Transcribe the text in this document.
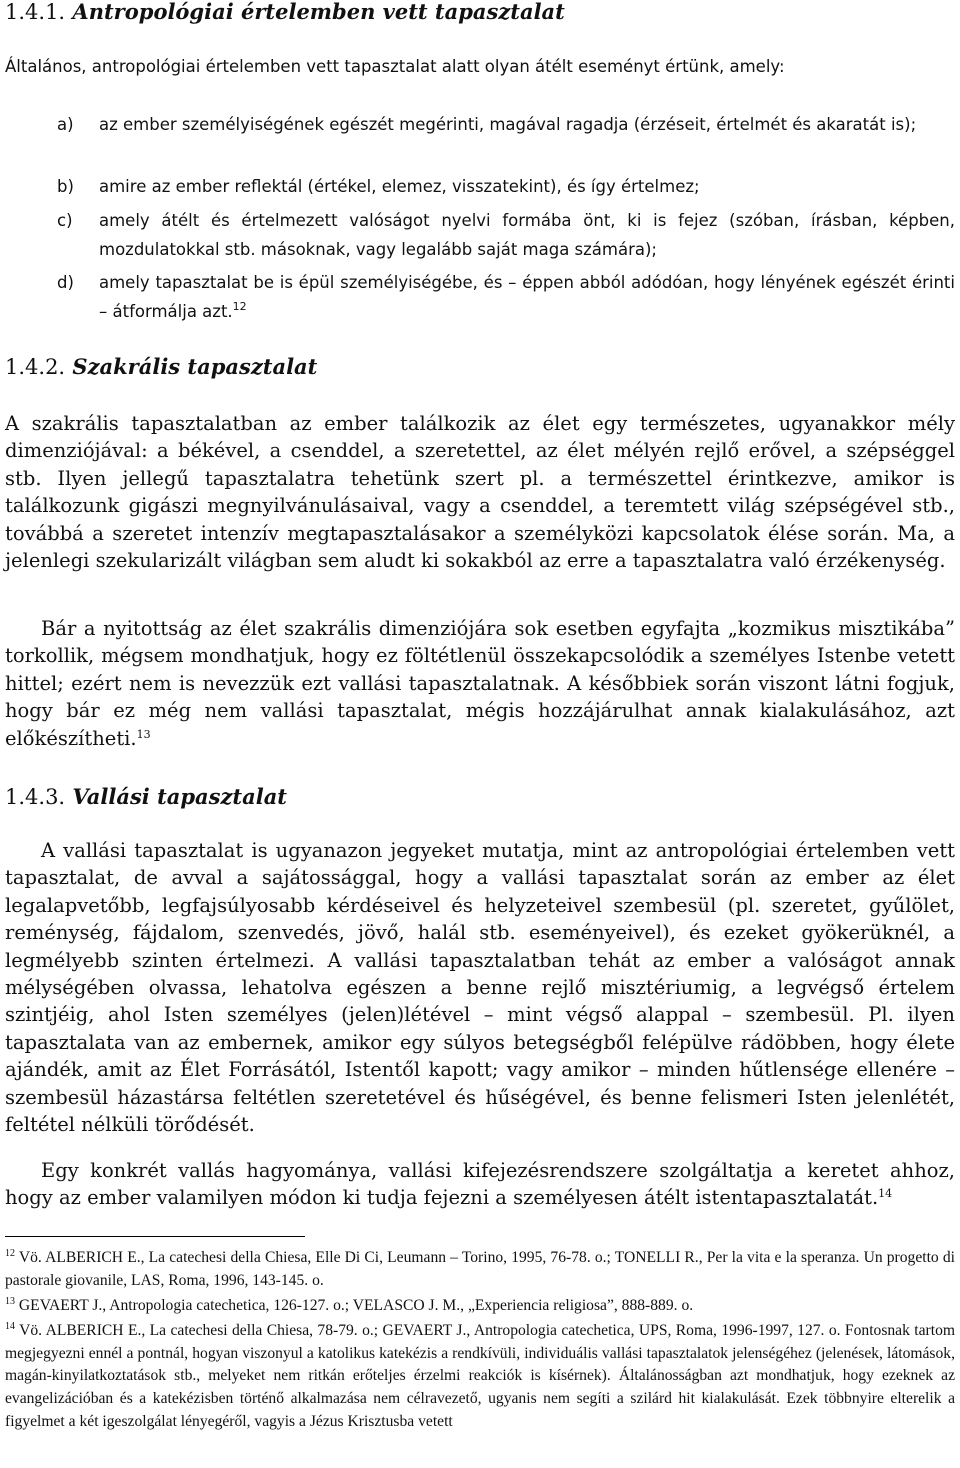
1.4.1. Antropológiai értelemben vett tapasztalat

Általános, antropológiai értelemben vett tapasztalat alatt olyan átélt eseményt értünk, amely:

a) az ember személyiségének egészét megérinti, magával ragadja (érzéseit, értelmét és akaratát is);
b) amire az ember reflektál (értékel, elemez, visszatekint), és így értelmez;
c) amely átélt és értelmezett valóságot nyelvi formába önt, ki is fejez (szóban, írásban, képben, mozdulatokkal stb. másoknak, vagy legalább saját maga számára);
d) amely tapasztalat be is épül személyiségébe, és – éppen abból adódóan, hogy lényének egészét érinti – átformálja azt.$^{12}$
1.4.2. Szakrális tapasztalat

A szakrális tapasztalatban az ember találkozik az élet egy természetes, ugyanakkor mély dimenziójával: a békével, a csenddel, a szeretettel, az élet mélyén rejlő erővel, a szépséggel stb. Ilyen jellegű tapasztalatra tehetünk szert pl. a természettel érintkezve, amikor is találkozunk gigászi megnyilvánulásaival, vagy a csenddel, a teremtett világ szépségével stb., továbbá a szeretet intenzív megtapasztalásakor a személyközi kapcsolatok élése során. Ma, a jelenlegi szekularizált világban sem aludt ki sokakból az erre a tapasztalatra való érzékenység.

Bár a nyitottság az élet szakrális dimenziójára sok esetben egyfajta „kozmikus misztikába” torkollik, mégsem mondhatjuk, hogy ez föltétlenül összekapcsolódik a személyes Istenbe vetett hittel; ezért nem is nevezzük ezt vallási tapasztalatnak. A későbbiek során viszont látni fogjuk, hogy bár ez még nem vallási tapasztalat, mégis hozzájárulhat annak kialakulásához, azt előkészítheti.$^{13}$

1.4.3. Vallási tapasztalat

A vallási tapasztalat is ugyanazon jegyeket mutatja, mint az antropológiai értelemben vett tapasztalat, de avval a sajátossággal, hogy a vallási tapasztalat során az ember az élet legalapvetőbb, legfajsúlyosabb kérdéseivel és helyzeteivel szembesül (pl. szeretet, gyűlölet, reménység, fájdalom, szenvedés, jövő, halál stb. eseményeivel), és ezeket gyökerüknél, a legmélyebb szinten értelmezi. A vallási tapasztalatban tehát az ember a valóságot annak mélységében olvassa, lehatolva egészen a benne rejlő misztériumig, a legvégső értelem szintjéig, ahol Isten személyes (jelen)létével – mint végső alappal – szembesül. Pl. ilyen tapasztalata van az embernek, amikor egy súlyos betegségből felépülve rádöbben, hogy élete ajándék, amit az Élet Forrásától, Istentől kapott; vagy amikor – minden hűtlensége ellenére – szembesül házastársa feltétlen szeretetével és hűségével, és benne felismeri Isten jelenlétét, feltétel nélküli törődését.

Egy konkrét vallás hagyománya, vallási kifejezésrendszere szolgáltatja a keretet ahhoz, hogy az ember valamilyen módon ki tudja fejezni a személyesen átélt istentapasztalatát.$^{14}$

$^{12}$ Vö. ALBERICH E., La catechesi della Chiesa, Elle Di Ci, Leumann – Torino, 1995, 76-78. o.; TONELLI R., Per la vita e la speranza. Un progetto di pastorale giovanile, LAS, Roma, 1996, 143-145. o.

$^{13}$ GEVAERT J., Antropologia catechetica, 126-127. o.; VELASCO J. M., „Experiencia religiosa”, 888-889. o.

$^{14}$ Vö. ALBERICH E., La catechesi della Chiesa, 78-79. o.; GEVAERT J., Antropologia catechetica, UPS, Roma, 1996-1997, 127. o. Fontosnak tartom megjegyezni ennél a pontnál, hogyan viszonyul a katolikus katekézis a rendkívüli, individuális vallási tapasztalatok jelenségéhez (jelenések, látomások, magán-kinyilatkoztatások stb., melyeket nem ritkán erőteljes érzelmi reakciók is kísérnek). Általánosságban azt mondhatjuk, hogy ezeknek az evangelizációban és a katekézisben történő alkalmazása nem célravezető, ugyanis nem segíti a szilárd hit kialakulását. Ezek többnyire elterelik a figyelmet a két igeszolgálat lényegéről, vagyis a Jézus Krisztusba vetett
